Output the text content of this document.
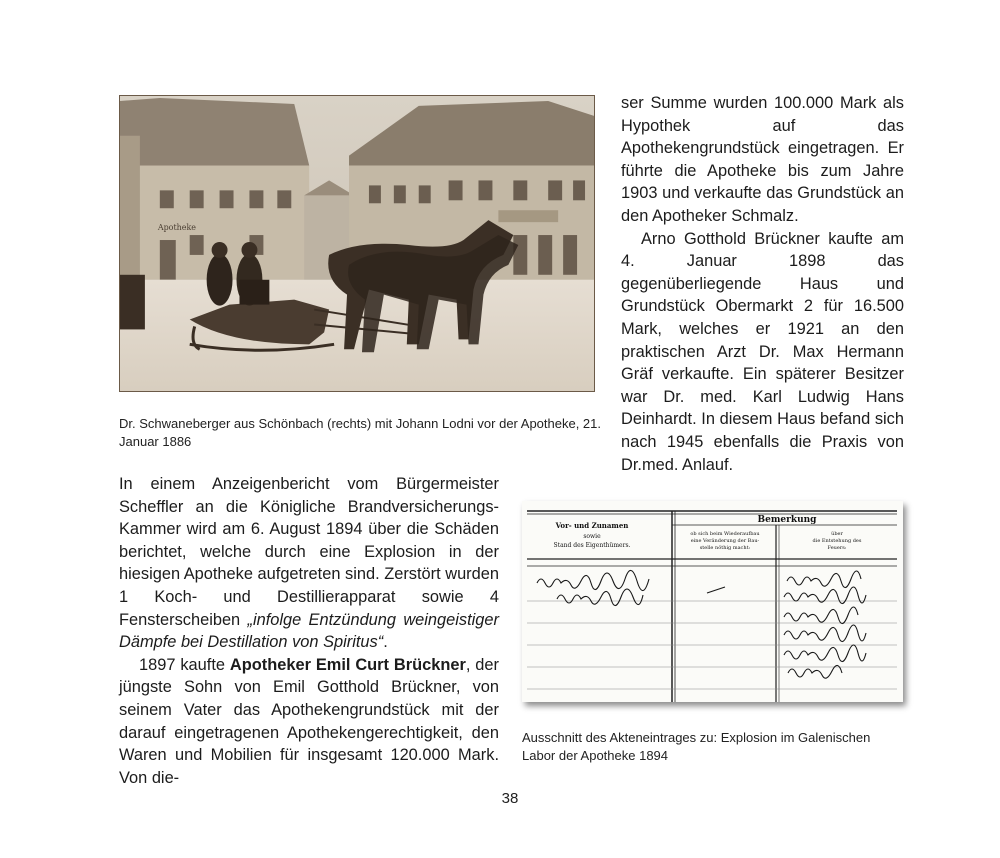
Apotheke
Dr. Schwaneberger aus Schönbach (rechts) mit Johann Lodni vor der Apotheke, 21. Januar 1886

ser Summe wurden 100.000 Mark als Hypothek auf das Apothekengrundstück eingetragen. Er führte die Apotheke bis zum Jahre 1903 und verkaufte das Grundstück an den Apotheker Schmalz.

Arno Gotthold Brückner kaufte am 4. Januar 1898 das gegenüberliegende Haus und Grundstück Obermarkt 2 für 16.500 Mark, welches er 1921 an den praktischen Arzt Dr. Max Hermann Gräf verkaufte. Ein späterer Besitzer war Dr. med. Karl Ludwig Hans Deinhardt. In diesem Haus befand sich nach 1945 ebenfalls die Praxis von Dr.med. Anlauf.

In einem Anzeigenbericht vom Bürgermeister Scheffler an die Königliche Brandversicherungs-Kammer wird am 6. August 1894 über die Schäden berichtet, welche durch eine Explosion in der hiesigen Apotheke aufgetreten sind. Zerstört wurden 1 Koch- und Destillierapparat sowie 4 Fensterscheiben „infolge Entzündung weingeistiger Dämpfe bei Destillation von Spiritus“.

1897 kaufte Apotheker Emil Curt Brückner, der jüngste Sohn von Emil Gotthold Brückner, von seinem Vater das Apothekengrundstück mit der darauf eingetragenen Apothekengerechtigkeit, den Waren und Mobilien für insgesamt 120.000 Mark. Von die-

Bemerkung
Vor- und Zunamen
sowie
Stand des Eigenthümers.
ob sich beim Wiederaufbau
eine Veränderung der Bau-
stelle nöthig macht:
über
die Entstehung des
Feuers:
Ausschnitt des Akteneintrages zu: Explosion im Galenischen Labor der Apotheke 1894
38
